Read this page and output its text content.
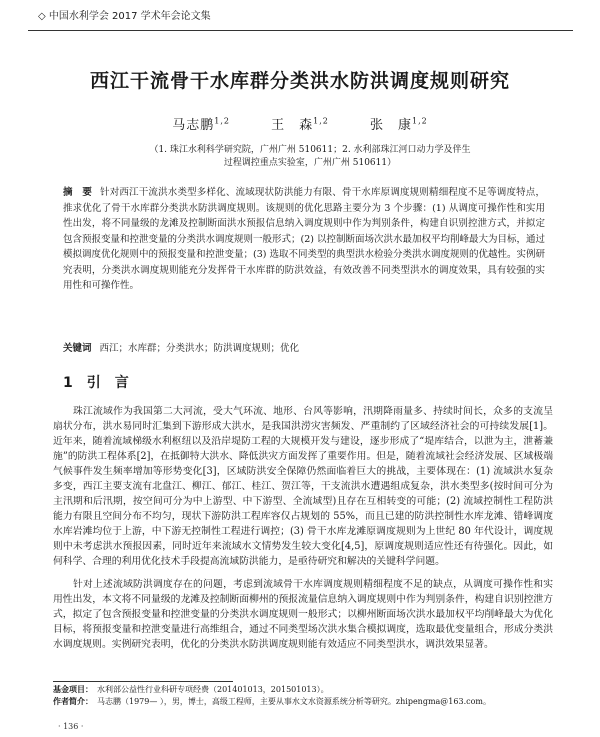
◇ 中国水利学会 2017 学术年会论文集
西江干流骨干水库群分类洪水防洪调度规则研究
马志鹏$^{1,2}$	王　森$^{1,2}$	张　康$^{1,2}$
（1. 珠江水利科学研究院，广州广州 510611；2. 水利部珠江河口动力学及伴生
过程调控重点实验室，广州广州 510611）
摘　要 针对西江干流洪水类型多样化、流域现状防洪能力有限、骨干水库原调度规则精细程度不足等调度特点，推求优化了骨干水库群分类洪水防洪调度规则。该规则的优化思路主要分为 3 个步骤：(1) 从调度可操作性和实用性出发，将不同量级的龙滩及控制断面洪水预报信息纳入调度规则中作为判别条件，构建自识别控泄方式，并拟定包含预报变量和控泄变量的分类洪水调度规则一般形式；(2) 以控制断面场次洪水最加权平均削峰最大为目标，通过模拟调度优化规则中的预报变量和控泄变量；(3) 选取不同类型的典型洪水检验分类洪水调度规则的优越性。实例研究表明，分类洪水调度规则能充分发挥骨干水库群的防洪效益，有效改善不同类型洪水的调度效果，具有较强的实用性和可操作性。
关键词 西江；水库群；分类洪水；防洪调度规则；优化
1 引　言

珠江流域作为我国第二大河流，受大气环流、地形、台风等影响，汛期降雨量多、持续时间长，众多的支流呈扇状分布，洪水易同时汇集到下游形成大洪水，是我国洪涝灾害频发、严重制约了区域经济社会的可持续发展[1]。近年来，随着流域梯级水利枢纽以及沿岸堤防工程的大规模开发与建设，逐步形成了“堤库结合，以泄为主，泄蓄兼施”的防洪工程体系[2]，在抵御特大洪水、降低洪灾方面发挥了重要作用。但是，随着流域社会经济发展、区域极端气候事件发生频率增加等形势变化[3]，区域防洪安全保障仍然面临着巨大的挑战，主要体现在：(1) 流域洪水复杂多变，西江主要支流有北盘江、柳江、郁江、桂江、贺江等，干支流洪水遭遇组成复杂，洪水类型多(按时间可分为主汛期和后汛期，按空间可分为中上游型、中下游型、全流域型)且存在互相转变的可能；(2) 流域控制性工程防洪能力有限且空间分布不均匀，现状下游防洪工程库容仅占规划的 55%，而且已建的防洪控制性水库龙滩、错峰调度水库岩滩均位于上游，中下游无控制性工程进行调控；(3) 骨干水库龙滩原调度规则为上世纪 80 年代设计，调度规则中未考虑洪水预报因素，同时近年来流域水文情势发生较大变化[4,5]，原调度规则适应性还有待强化。因此，如何科学、合理的利用优化技术手段提高流域防洪能力，是亟待研究和解决的关键科学问题。

针对上述流域防洪调度存在的问题，考虑到流域骨干水库调度规则精细程度不足的缺点，从调度可操作性和实用性出发，本文将不同量级的龙滩及控制断面柳州的预报流量信息纳入调度规则中作为判别条件，构建自识别控泄方式，拟定了包含预报变量和控泄变量的分类洪水调度规则一般形式；以柳州断面场次洪水最加权平均削峰最大为优化目标，将预报变量和控泄变量进行高维组合，通过不同类型场次洪水集合模拟调度，选取最优变量组合，形成分类洪水调度规则。实例研究表明，优化的分类洪水防洪调度规则能有效适应不同类型洪水，调洪效果显著。

基金项目： 水利部公益性行业科研专项经费（201401013，201501013）。
作者简介： 马志鹏（1979— ），男，博士，高级工程师，主要从事水文水资源系统分析等研究。zhipengma@163.com。
· 136 ·
